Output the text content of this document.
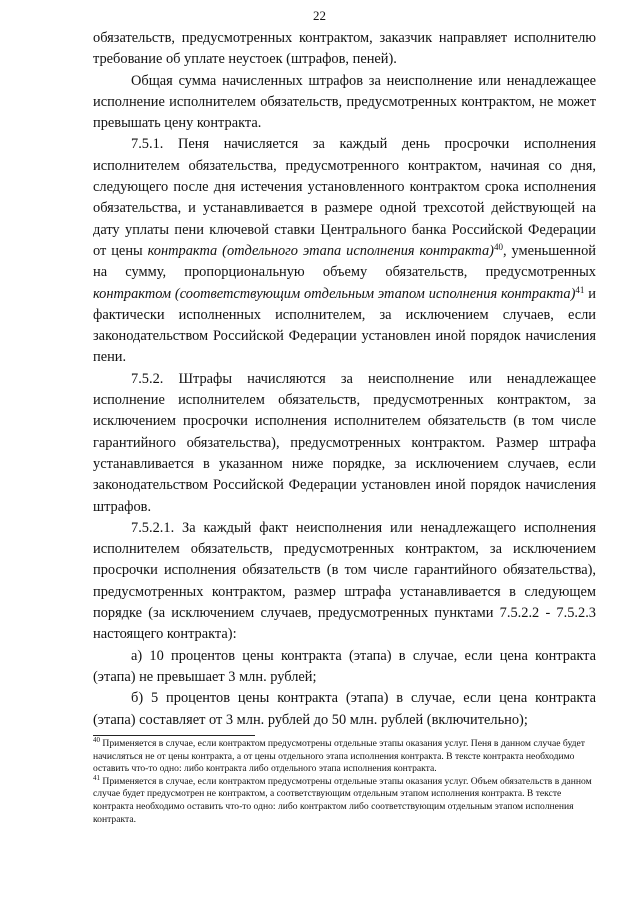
22

обязательств, предусмотренных контрактом, заказчик направляет исполнителю требование об уплате неустоек (штрафов, пеней).

Общая сумма начисленных штрафов за неисполнение или ненадлежащее исполнение исполнителем обязательств, предусмотренных контрактом, не может превышать цену контракта.

7.5.1. Пеня начисляется за каждый день просрочки исполнения исполнителем обязательства, предусмотренного контрактом, начиная со дня, следующего после дня истечения установленного контрактом срока исполнения обязательства, и устанавливается в размере одной трехсотой действующей на дату уплаты пени ключевой ставки Центрального банка Российской Федерации от цены контракта (отдельного этапа исполнения контракта)$^{40}$, уменьшенной на сумму, пропорциональную объему обязательств, предусмотренных контрактом (соответствующим отдельным этапом исполнения контракта)$^{41}$ и фактически исполненных исполнителем, за исключением случаев, если законодательством Российской Федерации установлен иной порядок начисления пени.

7.5.2. Штрафы начисляются за неисполнение или ненадлежащее исполнение исполнителем обязательств, предусмотренных контрактом, за исключением просрочки исполнения исполнителем обязательств (в том числе гарантийного обязательства), предусмотренных контрактом. Размер штрафа устанавливается в указанном ниже порядке, за исключением случаев, если законодательством Российской Федерации установлен иной порядок начисления штрафов.

7.5.2.1. За каждый факт неисполнения или ненадлежащего исполнения исполнителем обязательств, предусмотренных контрактом, за исключением просрочки исполнения обязательств (в том числе гарантийного обязательства), предусмотренных контрактом, размер штрафа устанавливается в следующем порядке (за исключением случаев, предусмотренных пунктами 7.5.2.2 - 7.5.2.3 настоящего контракта):

а) 10 процентов цены контракта (этапа) в случае, если цена контракта (этапа) не превышает 3 млн. рублей;

б) 5 процентов цены контракта (этапа) в случае, если цена контракта (этапа) составляет от 3 млн. рублей до 50 млн. рублей (включительно);

$^{40}$ Применяется в случае, если контрактом предусмотрены отдельные этапы оказания услуг. Пеня в данном случае будет начисляться не от цены контракта, а от цены отдельного этапа исполнения контракта. В тексте контракта необходимо оставить что-то одно: либо контракта либо отдельного этапа исполнения контракта.

$^{41}$ Применяется в случае, если контрактом предусмотрены отдельные этапы оказания услуг. Объем обязательств в данном случае будет предусмотрен не контрактом, а соответствующим отдельным этапом исполнения контракта. В тексте контракта необходимо оставить что-то одно: либо контрактом либо соответствующим отдельным этапом исполнения контракта.
